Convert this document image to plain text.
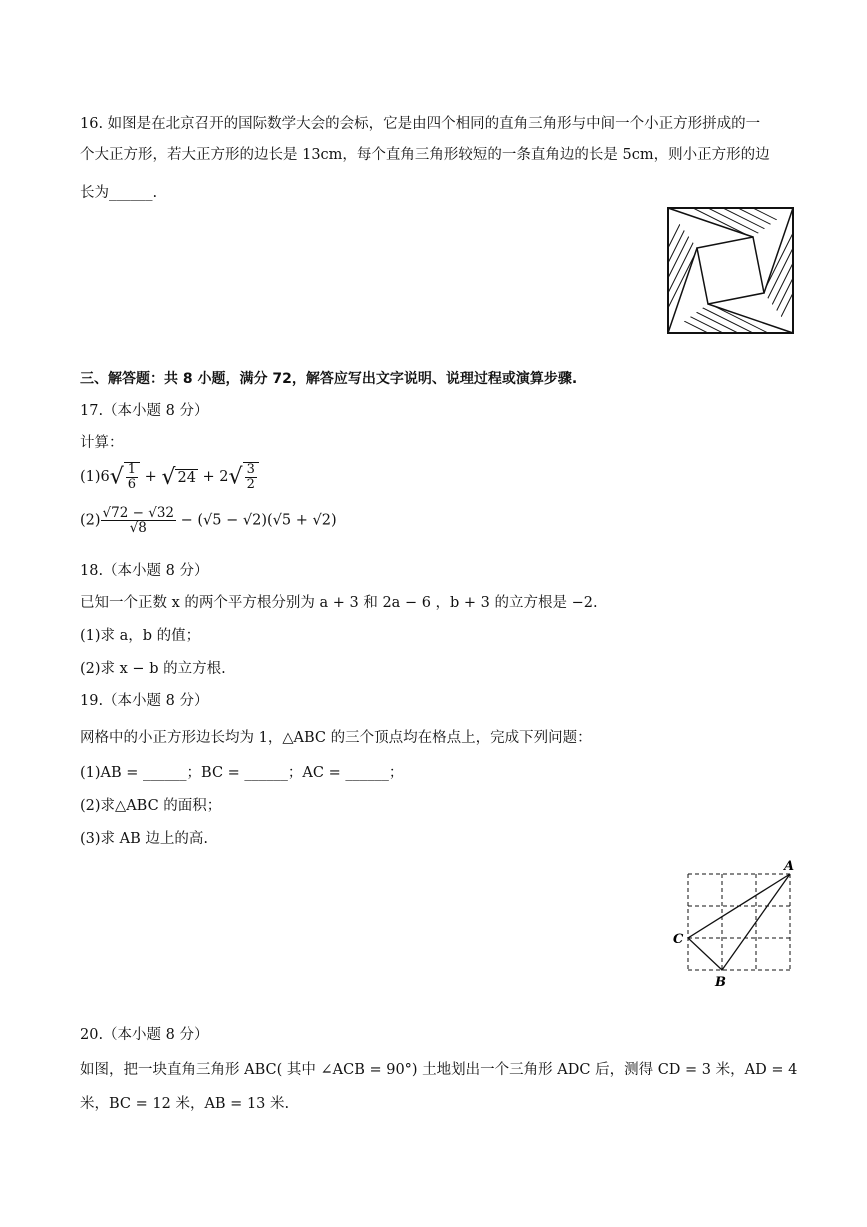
16. 如图是在北京召开的国际数学大会的会标，它是由四个相同的直角三角形与中间一个小正方形拼成的一
个大正方形，若大正方形的边长是 13cm，每个直角三角形较短的一条直角边的长是 5cm，则小正方形的边
长为______.
三、解答题：共 8 小题，满分 72，解答应写出文字说明、说理过程或演算步骤.
17.（本小题 8 分）
计算：
$(1)6√ \frac{1}{6}$ + √ $24 + 2√ \frac{3}{2}$
$(2) \frac{√72 - √32}{√8} - (√5 - √2)(√5 + √2)$
18.（本小题 8 分）
已知一个正数 x 的两个平方根分别为 a + 3 和 2a − 6 ，b + 3 的立方根是 −2.
(1)求 a，b 的值；
(2)求 x − b 的立方根.
19.（本小题 8 分）
网格中的小正方形边长均为 1，△ABC 的三个顶点均在格点上，完成下列问题：
(1)AB = ______；BC = ______；AC = ______；
(2)求△ABC 的面积；
(3)求 AB 边上的高.
A
B
C
20.（本小题 8 分）
如图，把一块直角三角形 ABC( 其中 ∠ACB = 90°) 土地划出一个三角形 ADC 后，测得 CD = 3 米，AD = 4
米，BC = 12 米，AB = 13 米.
